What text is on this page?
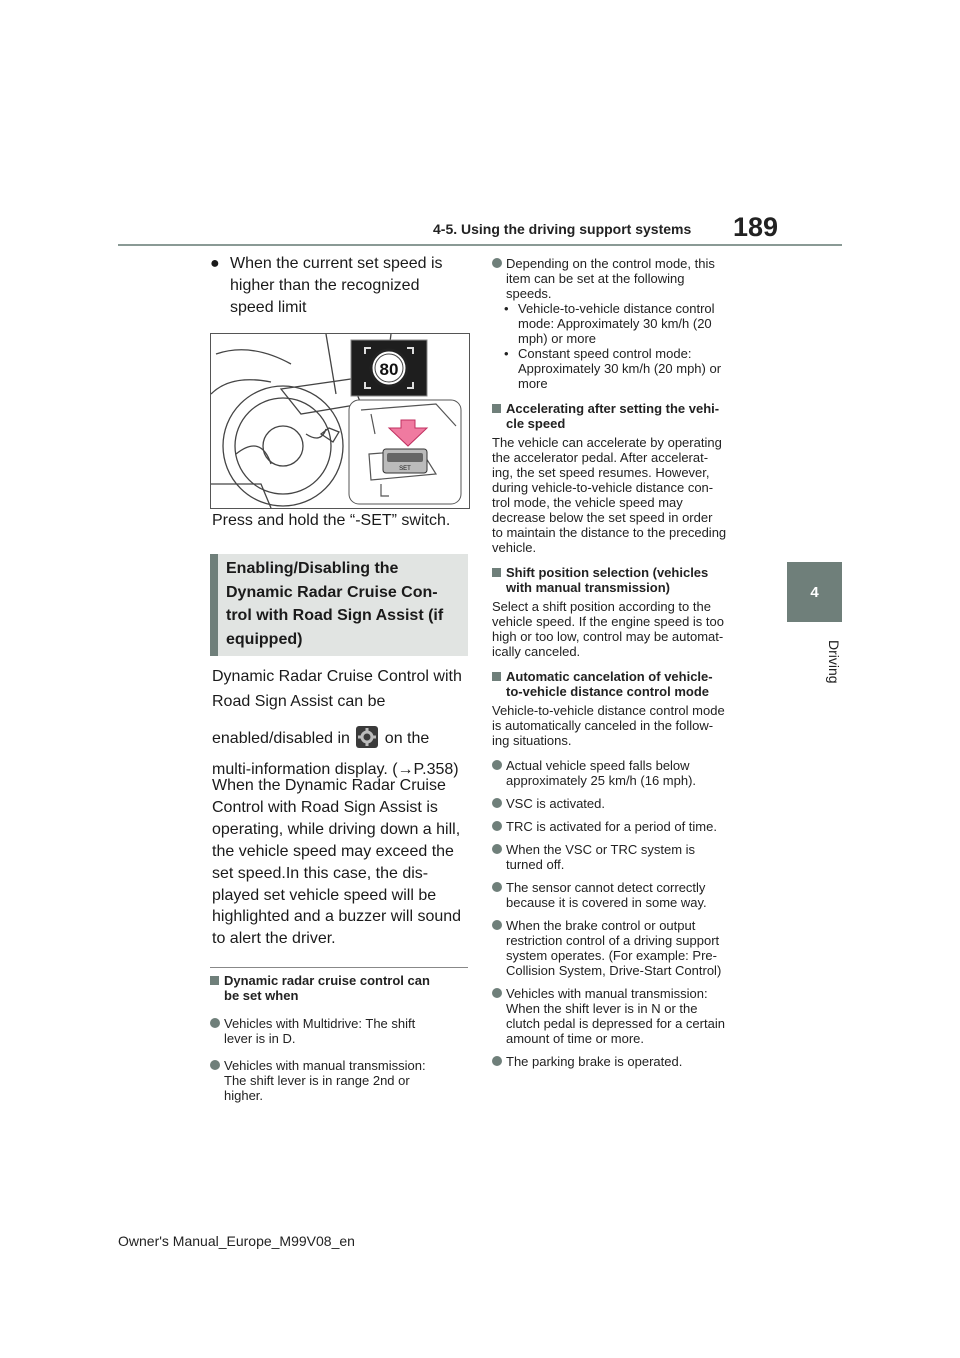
4-5. Using the driving support systems 189
4
Driving
● When the current set speed is
higher than the recognized
speed limit
80
SET
Press and hold the “-SET” switch.
Enabling/Disabling the
Dynamic Radar Cruise Con-
trol with Road Sign Assist (if
equipped)
Dynamic Radar Cruise Control with
Road Sign Assist can be
enabled/disabled in on the
multi-information display. (→P.358)
When the Dynamic Radar Cruise
Control with Road Sign Assist is
operating, while driving down a hill,
the vehicle speed may exceed the
set speed.In this case, the dis-
played set vehicle speed will be
highlighted and a buzzer will sound
to alert the driver.
Dynamic radar cruise control can
be set when
Vehicles with Multidrive: The shift
lever is in D.
Vehicles with manual transmission:
The shift lever is in range 2nd or
higher.
Depending on the control mode, this
item can be set at the following
speeds.
• Vehicle-to-vehicle distance control
mode: Approximately 30 km/h (20
mph) or more
• Constant speed control mode:
Approximately 30 km/h (20 mph) or
more
Accelerating after setting the vehi-
cle speed
The vehicle can accelerate by operating
the accelerator pedal. After accelerat-
ing, the set speed resumes. However,
during vehicle-to-vehicle distance con-
trol mode, the vehicle speed may
decrease below the set speed in order
to maintain the distance to the preceding
vehicle.
Shift position selection (vehicles
with manual transmission)
Select a shift position according to the
vehicle speed. If the engine speed is too
high or too low, control may be automat-
ically canceled.
Automatic cancelation of vehicle-
to-vehicle distance control mode
Vehicle-to-vehicle distance control mode
is automatically canceled in the follow-
ing situations.
Actual vehicle speed falls below
approximately 25 km/h (16 mph).
VSC is activated.
TRC is activated for a period of time.
When the VSC or TRC system is
turned off.
The sensor cannot detect correctly
because it is covered in some way.
When the brake control or output
restriction control of a driving support
system operates. (For example: Pre-
Collision System, Drive-Start Control)
Vehicles with manual transmission:
When the shift lever is in N or the
clutch pedal is depressed for a certain
amount of time or more.
The parking brake is operated.
Owner's Manual_Europe_M99V08_en
